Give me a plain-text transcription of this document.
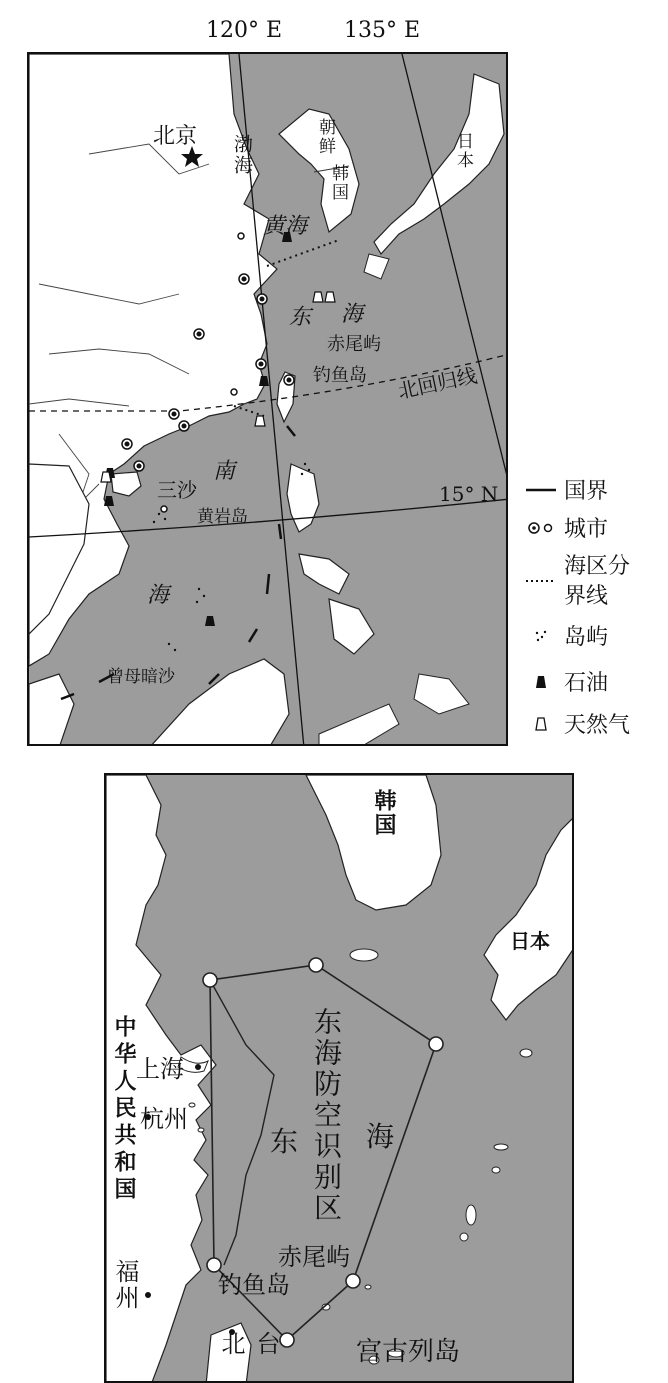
120° E	135° E
北京 渤海	朝鲜
韩国
日本
黄海
东 海
赤尾屿
钓鱼岛 北回归线
南
三沙
黄岩岛
15° N
海
曾母暗沙
国界
城市
海区分界线
岛屿
石油
天然气
韩国
日本
中华人民共和国 上海
杭州
福州
台北
东海防空识别区
东 海
赤尾屿
钓鱼岛
宫古列岛
